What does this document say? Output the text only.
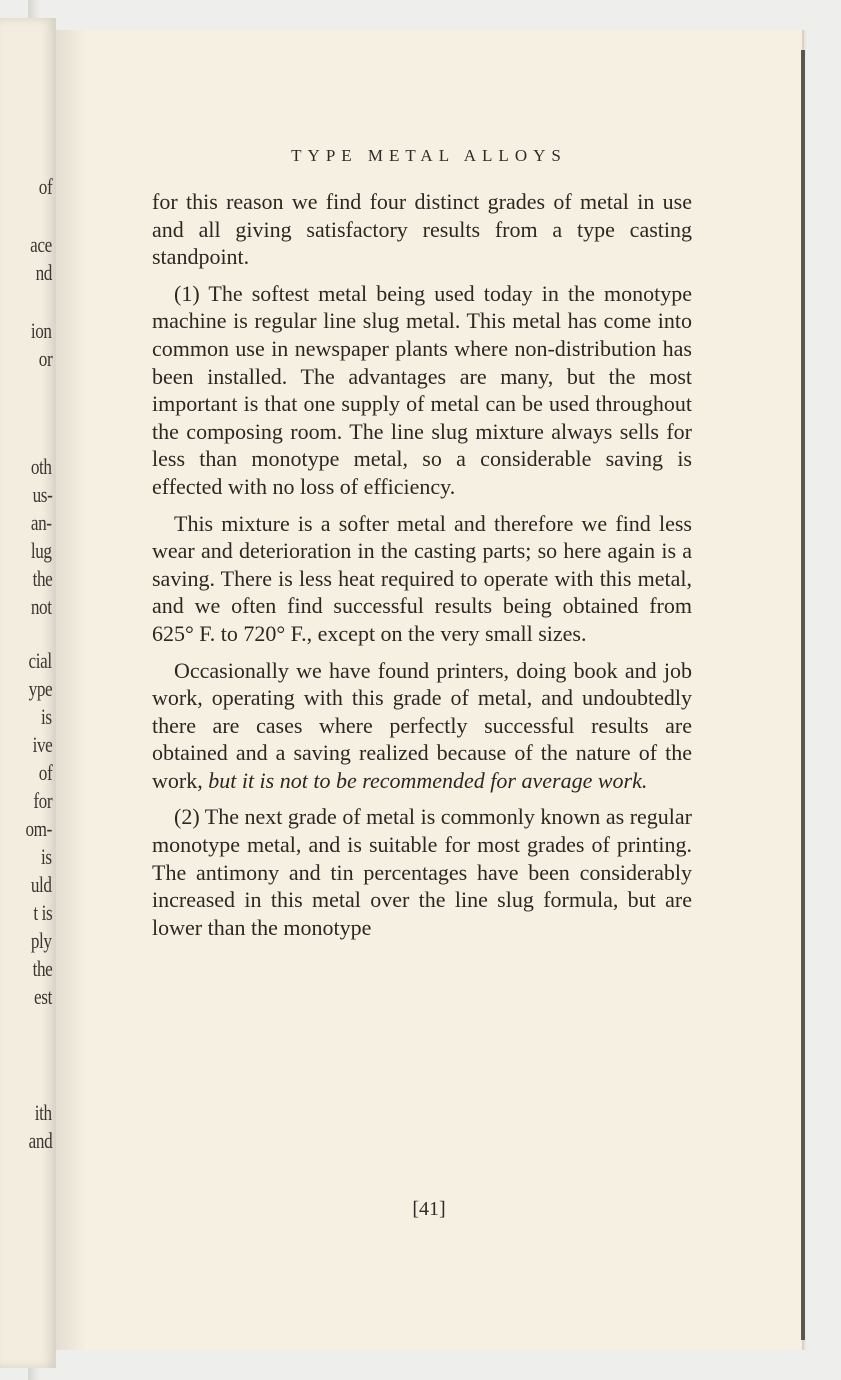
of
ace
nd
ion
or
oth
us-
an-
lug
the
not
cial
ype
is
ive
of
for
om-
is
uld
t is
ply
the
est
ith
and
TYPE METAL ALLOYS

for this reason we find four distinct grades of metal in use and all giving satisfactory results from a type casting standpoint.

(1) The softest metal being used today in the monotype machine is regular line slug metal. This metal has come into common use in newspaper plants where non-distribution has been installed. The advantages are many, but the most important is that one supply of metal can be used throughout the composing room. The line slug mixture always sells for less than monotype metal, so a considerable saving is effected with no loss of efficiency.

This mixture is a softer metal and therefore we find less wear and deterioration in the casting parts; so here again is a saving. There is less heat required to operate with this metal, and we often find successful results being obtained from 625° F. to 720° F., except on the very small sizes.

Occasionally we have found printers, doing book and job work, operating with this grade of metal, and undoubtedly there are cases where perfectly successful results are obtained and a saving realized because of the nature of the work, but it is not to be recommended for average work.

(2) The next grade of metal is commonly known as regular monotype metal, and is suitable for most grades of printing. The antimony and tin percentages have been considerably increased in this metal over the line slug formula, but are lower than the monotype

[41]
